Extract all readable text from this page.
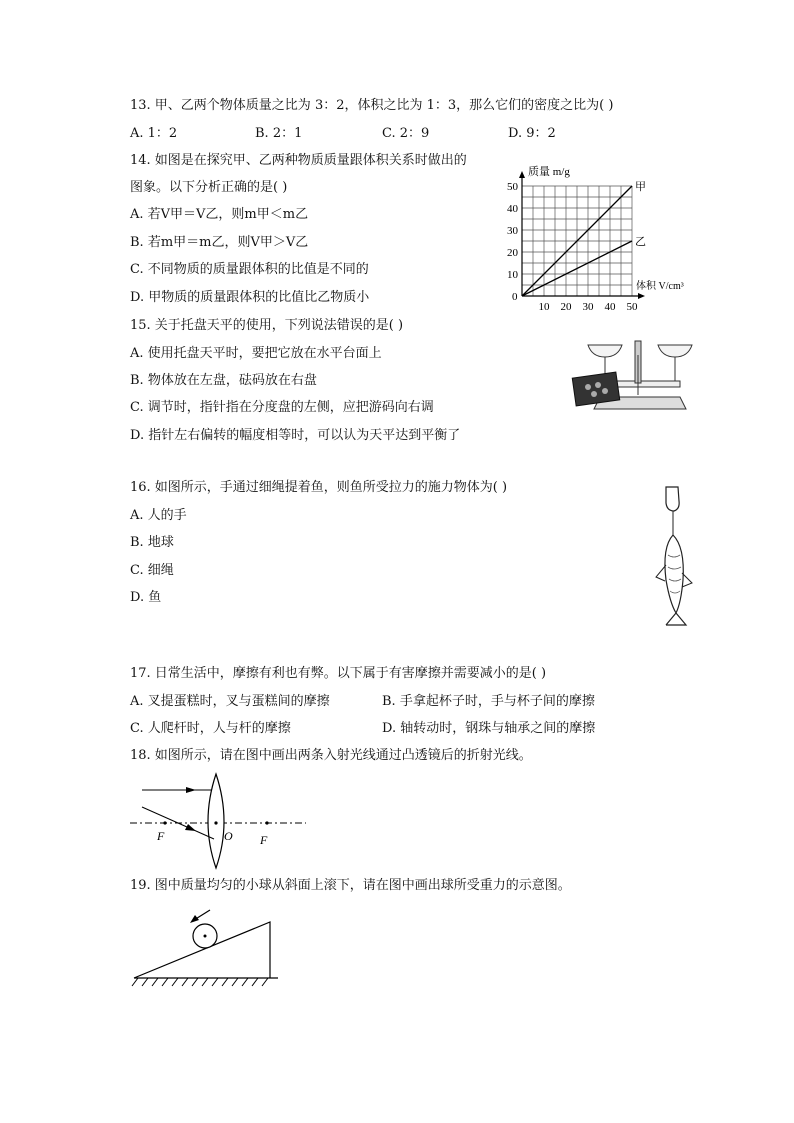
13. 甲、乙两个物体质量之比为 3：2，体积之比为 1：3，那么它们的密度之比为( )
A. 1：2	B. 2：1	C. 2：9	D. 9：2
14. 如图是在探究甲、乙两种物质质量跟体积关系时做出的
图象。以下分析正确的是( )
A. 若V甲＝V乙，则m甲＜m乙
B. 若m甲＝m乙，则V甲＞V乙
C. 不同物质的质量跟体积的比值是不同的
D. 甲物质的质量跟体积的比值比乙物质小
甲
乙
10 20 30 40 50
10
20
30
40
50
质量 m/g
体积 V/cm³
0
15. 关于托盘天平的使用，下列说法错误的是( )
A. 使用托盘天平时，要把它放在水平台面上
B. 物体放在左盘，砝码放在右盘
C. 调节时，指针指在分度盘的左侧，应把游码向右调
D. 指针左右偏转的幅度相等时，可以认为天平达到平衡了
16. 如图所示，手通过细绳提着鱼，则鱼所受拉力的施力物体为( )
A. 人的手
B. 地球
C. 细绳
D. 鱼
17. 日常生活中，摩擦有利也有弊。以下属于有害摩擦并需要减小的是( )
A. 叉提蛋糕时，叉与蛋糕间的摩擦	B. 手拿起杯子时，手与杯子间的摩擦
C. 人爬杆时，人与杆的摩擦	D. 轴转动时，钢珠与轴承之间的摩擦
18. 如图所示，请在图中画出两条入射光线通过凸透镜后的折射光线。
F	O F
19. 图中质量均匀的小球从斜面上滚下，请在图中画出球所受重力的示意图。
